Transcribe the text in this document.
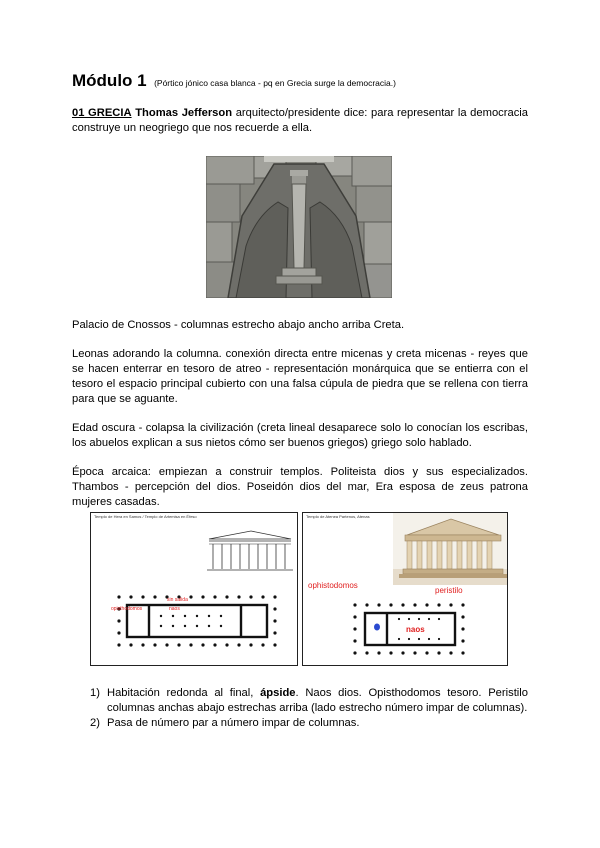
Módulo 1 (Pórtico jónico casa blanca - pq en Grecia surge la democracia.)

01 GRECIA Thomas Jefferson arquitecto/presidente dice: para representar la democracia construye un neogriego que nos recuerde a ella.

Palacio de Cnossos - columnas estrecho abajo ancho arriba Creta.

Leonas adorando la columna. conexión directa entre micenas y creta micenas - reyes que se hacen enterrar en tesoro de atreo - representación monárquica que se entierra con el tesoro el espacio principal cubierto con una falsa cúpula de piedra que se rellena con tierra para que se aguante.

Edad oscura - colapsa la civilización (creta lineal desaparece solo lo conocían los escribas, los abuelos explican a sus nietos cómo ser buenos griegos) griego solo hablado.

Época arcaica: empiezan a construir templos. Politeista dios y sus especializados. Thambos - percepción del dios. Poseidón dios del mar, Era esposa de zeus patrona mujeres casadas.

Templo de Hera en Samos / Templo de Artemisa en Éfeso
sin salida
opisthodomos	naos
Templo de Atenea Partenos, Atenas
ophistodomos
peristilo
naos
1) Habitación redonda al final, ápside. Naos dios. Opisthodomos tesoro. Peristilo columnas anchas abajo estrechas arriba (lado estrecho número impar de columnas).
2) Pasa de número par a número impar de columnas.
